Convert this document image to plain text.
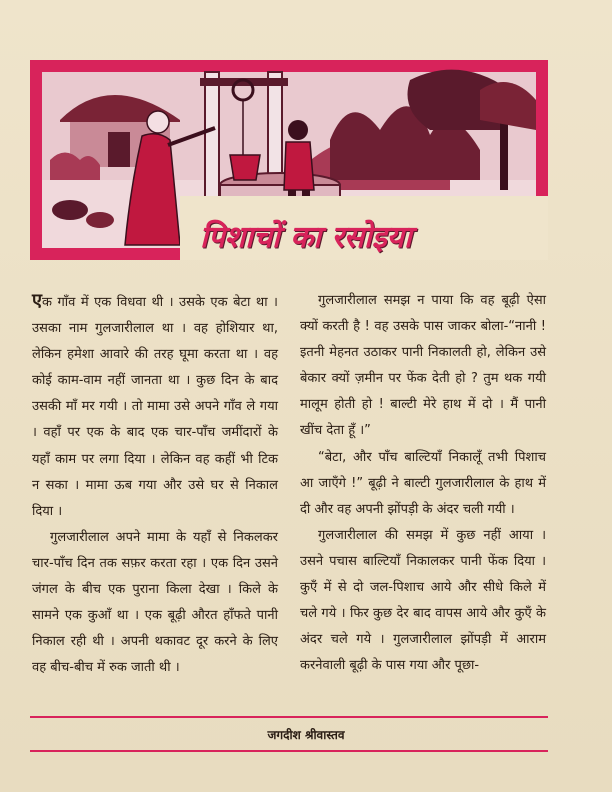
पिशाचों का रसोइया

एक गाँव में एक विधवा थी । उसके एक बेटा था । उसका नाम गुलजारीलाल था । वह होशियार था, लेकिन हमेशा आवारे की तरह घूमा करता था । वह कोई काम-वाम नहीं जानता था । कुछ दिन के बाद उसकी माँ मर गयी । तो मामा उसे अपने गाँव ले गया । वहाँ पर एक के बाद एक चार-पाँच जमींदारों के यहाँ काम पर लगा दिया । लेकिन वह कहीं भी टिक न सका । मामा ऊब गया और उसे घर से निकाल दिया ।

गुलजारीलाल अपने मामा के यहाँ से निकलकर चार-पाँच दिन तक सफ़र करता रहा । एक दिन उसने जंगल के बीच एक पुराना किला देखा । किले के सामने एक कुआँ था । एक बूढ़ी औरत हाँफते पानी निकाल रही थी । अपनी थकावट दूर करने के लिए वह बीच-बीच में रुक जाती थी ।

गुलजारीलाल समझ न पाया कि वह बूढ़ी ऐसा क्यों करती है ! वह उसके पास जाकर बोला-“नानी ! इतनी मेहनत उठाकर पानी निकालती हो, लेकिन उसे बेकार क्यों ज़मीन पर फेंक देती हो ? तुम थक गयी मालूम होती हो ! बाल्टी मेरे हाथ में दो । मैं पानी खींच देता हूँ ।”

“बेटा, और पाँच बाल्टियाँ निकालूँ तभी पिशाच आ जाएँगे !” बूढ़ी ने बाल्टी गुलजारीलाल के हाथ में दी और वह अपनी झोंपड़ी के अंदर चली गयी ।

गुलजारीलाल की समझ में कुछ नहीं आया । उसने पचास बाल्टियाँ निकालकर पानी फेंक दिया । कुएँ में से दो जल-पिशाच आये और सीधे किले में चले गये । फिर कुछ देर बाद वापस आये और कुएँ के अंदर चले गये । गुलजारीलाल झोंपड़ी में आराम करनेवाली बूढ़ी के पास गया और पूछा-

जगदीश श्रीवास्तव
